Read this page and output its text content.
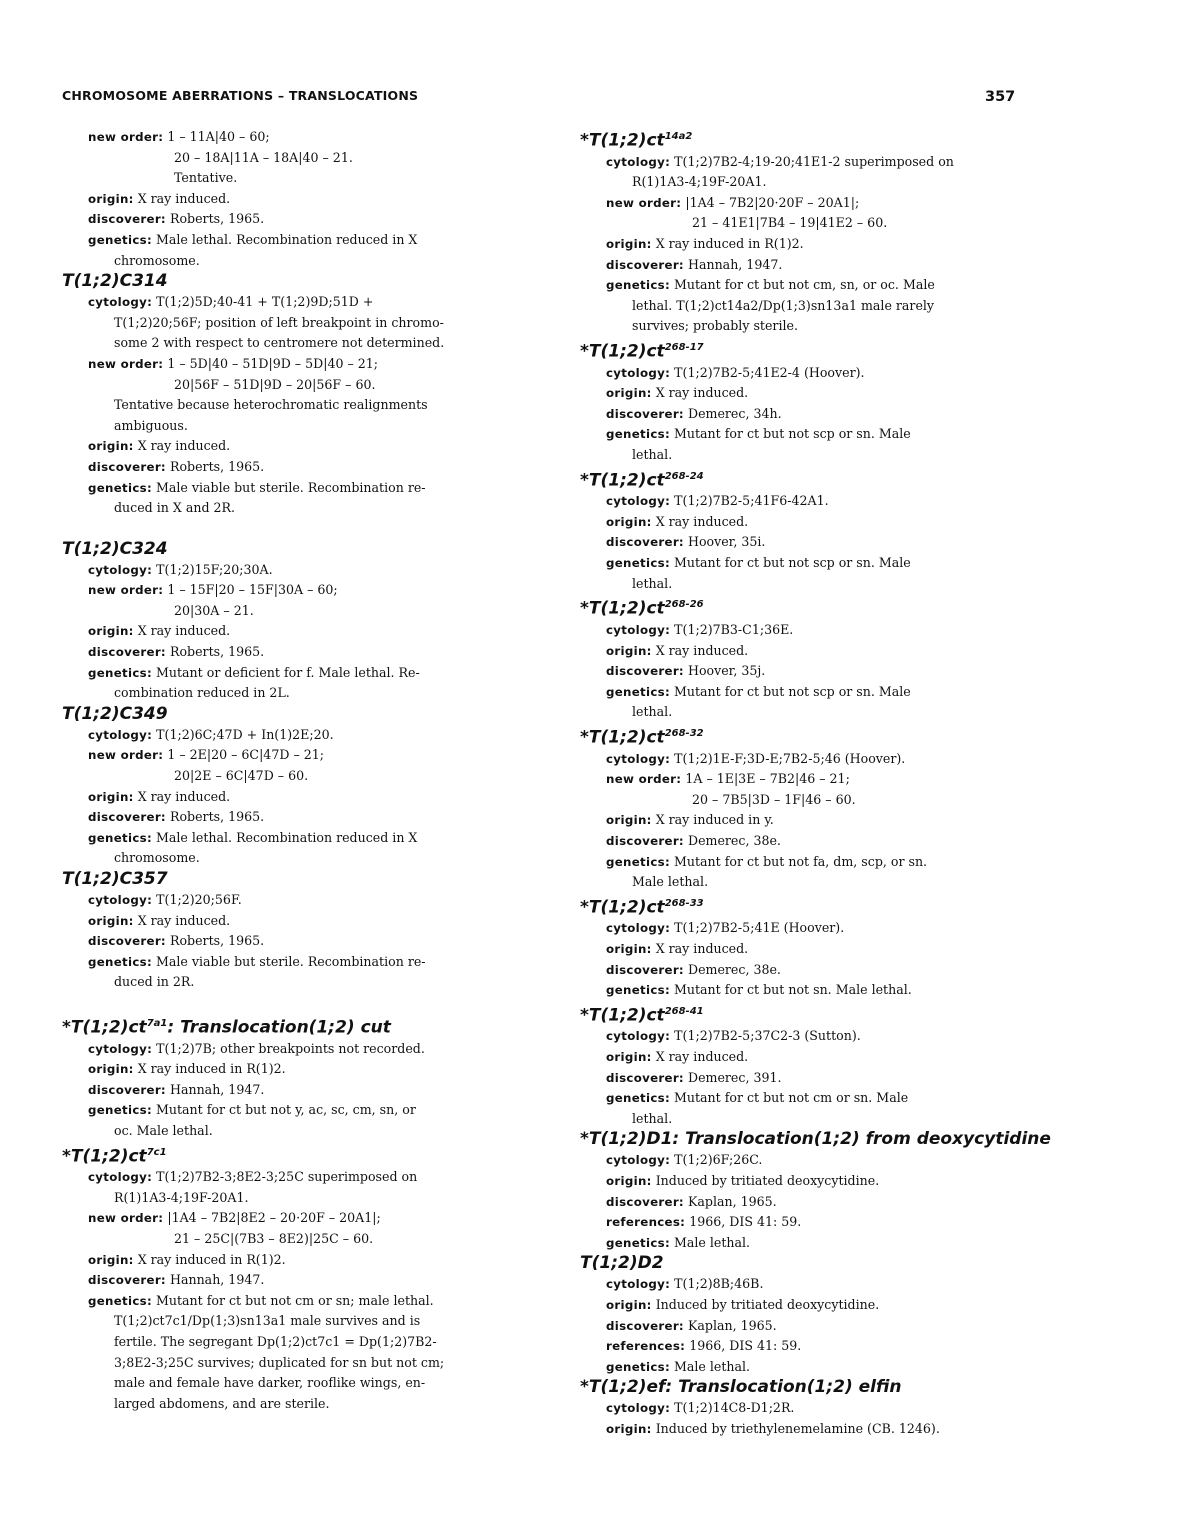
CHROMOSOME ABERRATIONS – TRANSLOCATIONS	357
new order: 1 – 11A|40 – 60;
20 – 18A|11A – 18A|40 – 21.
Tentative.
origin: X ray induced.
discoverer: Roberts, 1965.
genetics: Male lethal. Recombination reduced in X
chromosome.
T(1;2)C314
cytology: T(1;2)5D;40-41 + T(1;2)9D;51D +
T(1;2)20;56F; position of left breakpoint in chromo-
some 2 with respect to centromere not determined.
new order: 1 – 5D|40 – 51D|9D – 5D|40 – 21;
20|56F – 51D|9D – 20|56F – 60.
Tentative because heterochromatic realignments
ambiguous.
origin: X ray induced.
discoverer: Roberts, 1965.
genetics: Male viable but sterile. Recombination re-
duced in X and 2R.
T(1;2)C324
cytology: T(1;2)15F;20;30A.
new order: 1 – 15F|20 – 15F|30A – 60;
20|30A – 21.
origin: X ray induced.
discoverer: Roberts, 1965.
genetics: Mutant or deficient for f. Male lethal. Re-
combination reduced in 2L.
T(1;2)C349
cytology: T(1;2)6C;47D + In(1)2E;20.
new order: 1 – 2E|20 – 6C|47D – 21;
20|2E – 6C|47D – 60.
origin: X ray induced.
discoverer: Roberts, 1965.
genetics: Male lethal. Recombination reduced in X
chromosome.
T(1;2)C357
cytology: T(1;2)20;56F.
origin: X ray induced.
discoverer: Roberts, 1965.
genetics: Male viable but sterile. Recombination re-
duced in 2R.
$*T(1;2)ct^{7a1}$: Translocation(1;2) cut
cytology: T(1;2)7B; other breakpoints not recorded.
origin: X ray induced in R(1)2.
discoverer: Hannah, 1947.
genetics: Mutant for ct but not y, ac, sc, cm, sn, or
oc. Male lethal.
$*T(1;2)ct^{7c1}$
cytology: T(1;2)7B2-3;8E2-3;25C superimposed on
R(1)1A3-4;19F-20A1.
new order: |1A4 – 7B2|8E2 – 20·20F – 20A1|;
21 – 25C|(7B3 – 8E2)|25C – 60.
origin: X ray induced in R(1)2.
discoverer: Hannah, 1947.
genetics: Mutant for ct but not cm or sn; male lethal.
T(1;2)ct7c1/Dp(1;3)sn13a1 male survives and is
fertile. The segregant Dp(1;2)ct7c1 = Dp(1;2)7B2-
3;8E2-3;25C survives; duplicated for sn but not cm;
male and female have darker, rooflike wings, en-
larged abdomens, and are sterile.
$*T(1;2)ct^{14a2}$
cytology: T(1;2)7B2-4;19-20;41E1-2 superimposed on
R(1)1A3-4;19F-20A1.
new order: |1A4 – 7B2|20·20F – 20A1|;
21 – 41E1|7B4 – 19|41E2 – 60.
origin: X ray induced in R(1)2.
discoverer: Hannah, 1947.
genetics: Mutant for ct but not cm, sn, or oc. Male
lethal. T(1;2)ct14a2/Dp(1;3)sn13a1 male rarely
survives; probably sterile.
$*T(1;2)ct^{268-17}$
cytology: T(1;2)7B2-5;41E2-4 (Hoover).
origin: X ray induced.
discoverer: Demerec, 34h.
genetics: Mutant for ct but not scp or sn. Male
lethal.
$*T(1;2)ct^{268-24}$
cytology: T(1;2)7B2-5;41F6-42A1.
origin: X ray induced.
discoverer: Hoover, 35i.
genetics: Mutant for ct but not scp or sn. Male
lethal.
$*T(1;2)ct^{268-26}$
cytology: T(1;2)7B3-C1;36E.
origin: X ray induced.
discoverer: Hoover, 35j.
genetics: Mutant for ct but not scp or sn. Male
lethal.
$*T(1;2)ct^{268-32}$
cytology: T(1;2)1E-F;3D-E;7B2-5;46 (Hoover).
new order: 1A – 1E|3E – 7B2|46 – 21;
20 – 7B5|3D – 1F|46 – 60.
origin: X ray induced in y.
discoverer: Demerec, 38e.
genetics: Mutant for ct but not fa, dm, scp, or sn.
Male lethal.
$*T(1;2)ct^{268-33}$
cytology: T(1;2)7B2-5;41E (Hoover).
origin: X ray induced.
discoverer: Demerec, 38e.
genetics: Mutant for ct but not sn. Male lethal.
$*T(1;2)ct^{268-41}$
cytology: T(1;2)7B2-5;37C2-3 (Sutton).
origin: X ray induced.
discoverer: Demerec, 391.
genetics: Mutant for ct but not cm or sn. Male
lethal.
*T(1;2)D1: Translocation(1;2) from deoxycytidine
cytology: T(1;2)6F;26C.
origin: Induced by tritiated deoxycytidine.
discoverer: Kaplan, 1965.
references: 1966, DIS 41: 59.
genetics: Male lethal.
T(1;2)D2
cytology: T(1;2)8B;46B.
origin: Induced by tritiated deoxycytidine.
discoverer: Kaplan, 1965.
references: 1966, DIS 41: 59.
genetics: Male lethal.
*T(1;2)ef: Translocation(1;2) elfin
cytology: T(1;2)14C8-D1;2R.
origin: Induced by triethylenemelamine (CB. 1246).
